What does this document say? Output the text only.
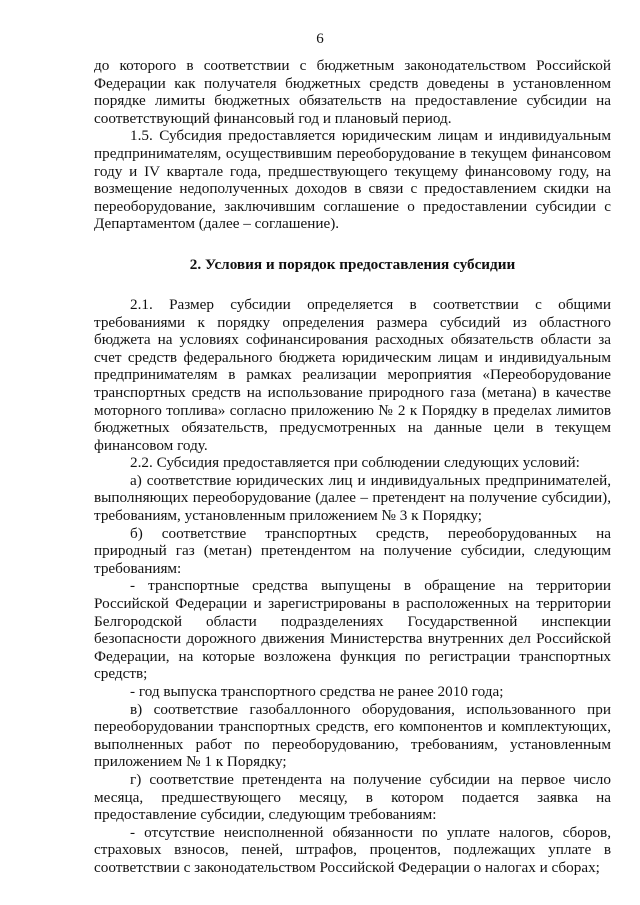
6

до которого в соответствии с бюджетным законодательством Российской Федерации как получателя бюджетных средств доведены в установленном порядке лимиты бюджетных обязательств на предоставление субсидии на соответствующий финансовый год и плановый период.

1.5. Субсидия предоставляется юридическим лицам и индивидуальным предпринимателям, осуществившим переоборудование в текущем финансовом году и IV квартале года, предшествующего текущему финансовому году, на возмещение недополученных доходов в связи с предоставлением скидки на переоборудование, заключившим соглашение о предоставлении субсидии с Департаментом (далее – соглашение).

2. Условия и порядок предоставления субсидии

2.1. Размер субсидии определяется в соответствии с общими требованиями к порядку определения размера субсидий из областного бюджета на условиях софинансирования расходных обязательств области за счет средств федерального бюджета юридическим лицам и индивидуальным предпринимателям в рамках реализации мероприятия «Переоборудование транспортных средств на использование природного газа (метана) в качестве моторного топлива» согласно приложению № 2 к Порядку в пределах лимитов бюджетных обязательств, предусмотренных на данные цели в текущем финансовом году.

2.2. Субсидия предоставляется при соблюдении следующих условий:

а) соответствие юридических лиц и индивидуальных предпринимателей, выполняющих переоборудование (далее – претендент на получение субсидии), требованиям, установленным приложением № 3 к Порядку;

б) соответствие транспортных средств, переоборудованных на природный газ (метан) претендентом на получение субсидии, следующим требованиям:

- транспортные средства выпущены в обращение на территории Российской Федерации и зарегистрированы в расположенных на территории Белгородской области подразделениях Государственной инспекции безопасности дорожного движения Министерства внутренних дел Российской Федерации, на которые возложена функция по регистрации транспортных средств;

- год выпуска транспортного средства не ранее 2010 года;

в) соответствие газобаллонного оборудования, использованного при переоборудовании транспортных средств, его компонентов и комплектующих, выполненных работ по переоборудованию, требованиям, установленным приложением № 1 к Порядку;

г) соответствие претендента на получение субсидии на первое число месяца, предшествующего месяцу, в котором подается заявка на предоставление субсидии, следующим требованиям:

- отсутствие неисполненной обязанности по уплате налогов, сборов, страховых взносов, пеней, штрафов, процентов, подлежащих уплате в соответствии с законодательством Российской Федерации о налогах и сборах;
